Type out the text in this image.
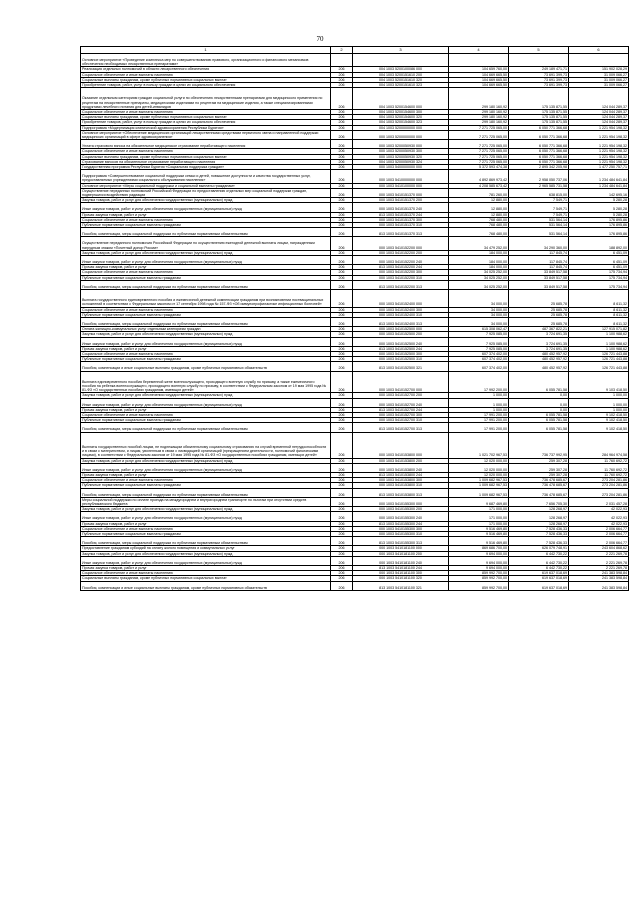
70
1	2	3	4	5	6
Основное мероприятие «Проведение комплекса мер по совершенствованию правового, организационного и финансового механизмов обеспечения необходимых лекарственных препаратами»					
Реализация отдельных полномочий в области лекарственного обеспечения	206	004 1003 5200100086 000	104 659 760,00	249 189 471,71	151 902 028,29
Социальное обеспечение и иные выплаты населению	206	004 1003 5200151610 200	104 669 665,50	73 691 399,73	31 009 066,27
Социальные выплаты гражданам, кроме публичных нормативных социальных выплат	206	004 1003 5200151610 320	104 669 665,50	73 691 399,73	31 009 066,27
Приобретение товаров, работ, услуг в пользу граждан в целях их социального обеспечения	206	004 1003 5200151610 323	104 669 665,50	73 691 399,73	31 009 066,27
Оказание отдельным категориям граждан социальной услуги по обеспечению лекарственными препаратами для медицинского применения по рецептам на лекарственные препараты, медицинскими изделиями по рецептам на медицинские изделия, а также специализированными продуктами лечебного питания для детей-инвалидов	206	004 1003 5200154600 000	299 180 160,92	175 135 871,55	124 044 289,37
Социальное обеспечение и иные выплаты населению	206	004 1003 5200154600 300	299 180 160,92	175 135 871,55	124 044 289,37
Социальные выплаты гражданам, кроме публичных нормативных социальных выплат	206	004 1003 5200154600 320	299 180 160,92	175 135 871,55	124 044 289,37
Приобретение товаров, работ, услуг в пользу граждан в целях их социального обеспечения	206	004 1003 5200154600 323	299 180 160,92	175 135 871,55	124 044 289,37
Подпрограмма «Модернизация клинической здравоохранения Республики Бурятия»	206	004 1003 5200000000 000	7 271 725 065,00	6 050 771 366,68	1 221 954 198,32
Основное мероприятие «Обеспечение медицинских организаций лекарственными средствами первичного звена и направленной поддержки медицинских организаций в сфере здравоохранения»	206	000 1003 5200000000 000	7 271 725 065,00	6 050 771 366,68	1 221 954 198,32
Уплата страхового взноса на обязательное медицинское страхование неработающего населения	206	000 1003 5200050930 000	7 271 725 065,00	6 050 771 366,68	1 221 954 198,32
Социальное обеспечение и иные выплаты населению	206	000 1003 5200050930 300	7 271 725 065,00	6 050 771 366,68	1 221 954 198,32
Социальные выплаты гражданам, кроме публичных нормативных социальных выплат	206	000 1003 5200050930 320	7 271 725 065,00	6 050 771 366,68	1 221 954 198,32
Страхование взносов на обязательное страхование неработающего населения	206	004 1003 5200050930 324	7 271 725 065,00	6 050 771 366,68	1 221 954 198,32
Государственная программа Республики Бурятия «Социальная поддержка граждан»	206	000 1003 5400000000 000	5 372 593 474,38	2 895 342 205,98	1 477 250 757,71
Подпрограмма «Совершенствование социальной поддержки семьи и детей, повышение доступности и качества государственных услуг, предоставляемых учреждениями социального обслуживания населения»	206	000 1003 5410000000 000	4 892 869 973,42	2 958 050 737,06	1 234 484 641,84
Основное мероприятие «Меры социальной поддержки и социальной выплаты гражданам»	206	000 1003 5410100000 000	4 208 585 673,42	2 965 585 731,58	1 234 484 641,84
Осуществление переданных полномочий Российской Федерации по предоставлению отдельных мер социальной поддержки граждан, подвергшихся воздействию радиации	206	000 1003 5410151370 000	781 260,00	638 815,00	142 695,16
Закупка товаров, работ и услуг для обеспечения государственных (муниципальных) нужд	206	000 1003 5410151370 200	12 880,00	7 549,71	5 280,28
Иные закупки товаров, работ и услуг для обеспечения государственных (муниципальных) нужд	206	000 1003 5410151370 240	12 880,00	7 549,71	5 280,28
Прочая закупка товаров, работ и услуг	206	813 1003 5410151370 244	12 880,00	7 549,71	5 280,28
Социальное обеспечение и иные выплаты населению	206	000 1003 5410151370 300	768 480,00	531 564,14	176 895,86
Публичные нормативные социальные выплаты гражданам	206	000 1003 5410151370 310	768 480,00	531 564,14	176 895,86
Пособия, компенсации, меры социальной поддержки по публичным нормативным обязательствам	206	813 1003 5410151370 313	768 480,00	531 564,14	176 895,86
Осуществление переданного полномочия Российской Федерации по осуществлению ежегодной денежной выплаты лицам, награжденным нагрудным знаком «Почетный донор России»	206	000 1003 5410152200 000	34 479 252,00	34 290 360,00	188 892,00
Закупка товаров, работ и услуг для обеспечения государственных (муниципальных) нужд	206	000 1003 5410152200 200	184 000,00	117 845,74	6 451,09
Иные закупки товаров, работ и услуг для обеспечения государственных (муниципальных) нужд	206	000 1003 5410152200 240	184 000,00	117 845,74	6 451,09
Прочая закупка товаров, работ и услуг	206	813 1003 5410152200 244	184 000,00	117 845,74	6 451,09
Социальное обеспечение и иные выплаты населению	206	000 1003 5410152200 300	34 025 252,00	33 849 517,58	175 734,94
Публичные нормативные социальные выплаты гражданам	206	000 1003 5410152200 310	34 025 252,00	33 849 517,58	175 734,94
Пособия, компенсации, меры социальной поддержки по публичным нормативным обязательствам	206	813 1003 5410152200 313	34 025 252,00	33 849 517,58	175 734,94
Выплата государственного единовременного пособия и ежемесячной денежной компенсации гражданам при возникновении поствакцинальных осложнений в соответствии с Федеральным законом от 17 сентября 1998 года № 157-ФЗ «Об иммунопрофилактике инфекционных болезней»	206	000 1003 5410152400 000	34 000,00	25 685,78	8 611,32
Социальное обеспечение и иные выплаты населению	206	000 1003 5410152400 300	34 000,00	25 685,78	8 611,32
Публичные нормативные социальные выплаты гражданам	206	000 1003 5410152400 310	34 000,00	25 685,78	8 611,32
Пособия, компенсации, меры социальной поддержки по публичным нормативным обязательствам	206	813 1003 5410152400 313	34 000,00	25 685,78	8 611,32
Оплата жилищно-коммунальных услуг отдельным категориям граждан	206	000 1003 5410152500 000	615 308 062,47	487 367 822,21	127 915 071,82
Закупка товаров, работ и услуг для обеспечения государственных (муниципальных) нужд	206	000 1003 5410152500 200	7 925 085,00	3 724 691,35	1 100 988,62
Иные закупки товаров, работ и услуг для обеспечения государственных (муниципальных) нужд	206	000 1003 5410152500 240	7 925 085,00	3 724 691,35	1 100 988,62
Прочая закупка товаров, работ и услуг	206	813 1003 5410152500 244	7 925 085,00	3 724 691,35	1 100 988,62
Социальное обеспечение и иные выплаты населению	206	000 1003 5410152500 300	607 374 402,00	480 452 957,92	126 721 443,88
Публичные нормативные социальные выплаты гражданам	206	000 1003 5410152500 310	607 374 402,00	480 452 957,92	126 721 443,88
Пособия, компенсации и иные социальные выплаты гражданам, кроме публичных нормативных обязательств	206	813 1003 5410152500 321	607 374 402,00	480 452 957,92	126 721 443,88
Выплата единовременного пособия беременной жене военнослужащего, проходящего военную службу по призыву, а также ежемесячного пособия на ребенка военнослужащего, проходящего военную службу по призыву, в соответствии с Федеральным законом от 19 мая 1995 года № 81-ФЗ «О государственных пособиях гражданам, имеющих детей»	206	000 1003 5410152700 000	17 992 200,00	6 055 781,58	9 103 418,50
Закупка товаров, работ и услуг для обеспечения государственных (муниципальных) нужд	206	000 1003 5410152700 200	1 000,00	0,00	1 000,00
Иные закупки товаров, работ и услуг для обеспечения государственных (муниципальных) нужд	206	000 1003 5410152700 240	1 000,00	0,00	1 000,00
Прочая закупка товаров, работ и услуг	206	813 1003 5410152700 244	1 000,00	0,00	1 000,00
Социальное обеспечение и иные выплаты населению	206	000 1003 5410152700 300	17 991 200,00	6 055 781,58	9 102 418,50
Публичные нормативные социальные выплаты гражданам	206	000 1003 5410152700 310	17 991 200,00	6 055 781,58	9 102 418,50
Пособия, компенсации, меры социальной поддержки по публичным нормативным обязательствам	206	813 1003 5410152700 313	17 991 200,00	6 055 781,58	9 102 418,50
Выплаты государственных пособий лицам, не подлежащим обязательному социальному страхованию на случай временной нетрудоспособности и в связи с материнством, и лицам, уволенным в связи с ликвидацией организаций (прекращением деятельности, полномочий физическими лицами), в соответствии с Федеральным законом от 19 мая 1995 года № 81-ФЗ «О государственных пособиях гражданам, имеющих детей»	206	000 1003 5410153800 000	1 021 702 967,53	736 737 992,95	284 964 974,58
Закупка товаров, работ и услуг для обеспечения государственных (муниципальных) нужд	206	000 1003 5410153800 200	12 020 000,00	259 307,28	11 760 692,72
Иные закупки товаров, работ и услуг для обеспечения государственных (муниципальных) нужд	206	000 1003 5410153800 240	12 020 000,00	259 307,28	11 760 692,72
Прочая закупка товаров, работ и услуг	206	813 1003 5410153800 244	12 020 000,00	259 307,28	11 760 692,72
Социальное обеспечение и иные выплаты населению	206	000 1003 5410153800 300	1 009 682 967,53	736 478 685,67	273 204 281,86
Публичные нормативные социальные выплаты гражданам	206	000 1003 5410153800 310	1 009 682 967,53	736 478 685,67	273 204 281,86
Пособия, компенсации, меры социальной поддержки по публичным нормативным обязательствам	206	813 1003 5410153800 313	1 009 682 967,53	736 478 685,67	273 204 281,86
Меры социальной поддержки по оплате проезда на междугороднем и внутригороднем транспорте по льготам при отсутствии средств республиканского бюджета	206	000 1003 5410155300 000	9 687 469,80	7 656 705,30	2 031 457,28
Закупка товаров, работ и услуг для обеспечения государственных (муниципальных) нужд	206	000 1003 5410155300 200	171 000,00	128 268,97	42 022,93
Иные закупки товаров, работ и услуг для обеспечения государственных (муниципальных) нужд	206	000 1003 5410155300 240	171 000,00	128 268,97	42 022,93
Прочая закупка товаров, работ и услуг	206	813 1003 5410155300 244	171 000,00	128 268,97	42 022,93
Социальное обеспечение и иные выплаты населению	206	000 1003 5410155300 300	9 516 469,80	7 528 436,33	2 006 664,77
Публичные нормативные социальные выплаты гражданам	206	000 1003 5410155300 310	9 516 469,80	7 528 436,33	2 006 664,77
Пособия, компенсации, меры социальной поддержки по публичным нормативным обязательствам	206	813 1003 5410155300 313	9 516 469,80	7 528 436,33	2 006 664,77
Предоставление гражданам субсидий на оплату жилого помещения и коммунальных услуг	206	000 1003 5410181100 000	869 686 700,00	626 079 748,91	243 604 868,62
Закупка товаров, работ и услуг для обеспечения государственных (муниципальных) нужд	206	000 1003 5410181100 200	9 694 000,00	6 442 730,22	2 221 269,78
Иные закупки товаров, работ и услуг для обеспечения государственных (муниципальных) нужд	206	000 1003 5410181100 240	9 694 000,00	6 442 730,22	2 221 269,78
Прочая закупка товаров, работ и услуг	206	813 1003 5410181100 244	9 694 000,00	6 442 730,22	2 221 269,78
Социальное обеспечение и иные выплаты населению	206	000 1003 5410181100 300	859 992 700,00	619 637 018,69	241 383 598,84
Социальные выплаты гражданам, кроме публичных нормативных социальных выплат	206	000 1003 5410181100 320	859 992 700,00	619 637 018,69	241 383 598,84
Пособия, компенсации и иные социальные выплаты гражданам, кроме публичных нормативных обязательств	206	813 1003 5410181100 321	859 992 700,00	619 637 018,69	241 383 598,84
